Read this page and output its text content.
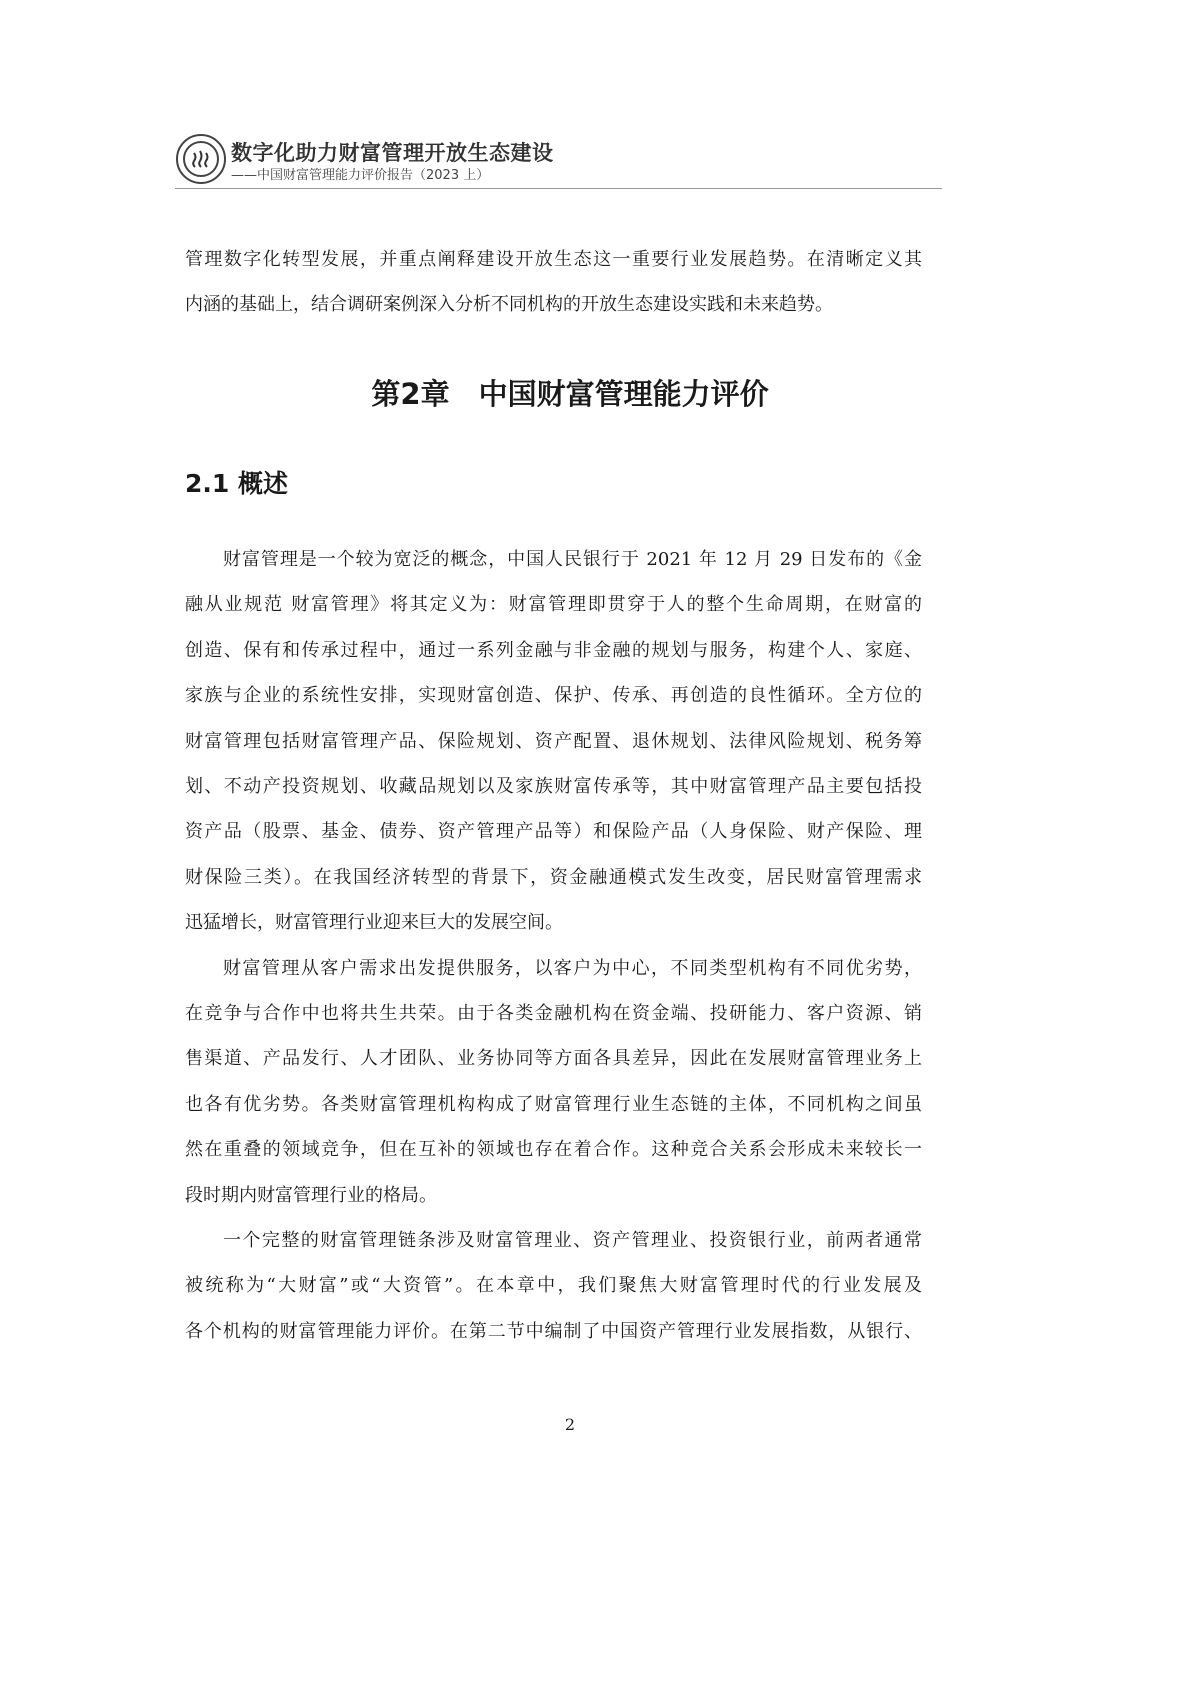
数字化助力财富管理开放生态建设
——中国财富管理能力评价报告（2023 上）
管理数字化转型发展，并重点阐释建设开放生态这一重要行业发展趋势。在清晰定义其
内涵的基础上，结合调研案例深入分析不同机构的开放生态建设实践和未来趋势。
第2章　中国财富管理能力评价
2.1 概述
财富管理是一个较为宽泛的概念，中国人民银行于 2021 年 12 月 29 日发布的《金
融从业规范 财富管理》将其定义为：财富管理即贯穿于人的整个生命周期，在财富的
创造、保有和传承过程中，通过一系列金融与非金融的规划与服务，构建个人、家庭、
家族与企业的系统性安排，实现财富创造、保护、传承、再创造的良性循环。全方位的
财富管理包括财富管理产品、保险规划、资产配置、退休规划、法律风险规划、税务筹
划、不动产投资规划、收藏品规划以及家族财富传承等，其中财富管理产品主要包括投
资产品（股票、基金、债券、资产管理产品等）和保险产品（人身保险、财产保险、理
财保险三类）。在我国经济转型的背景下，资金融通模式发生改变，居民财富管理需求
迅猛增长，财富管理行业迎来巨大的发展空间。
财富管理从客户需求出发提供服务，以客户为中心，不同类型机构有不同优劣势，
在竞争与合作中也将共生共荣。由于各类金融机构在资金端、投研能力、客户资源、销
售渠道、产品发行、人才团队、业务协同等方面各具差异，因此在发展财富管理业务上
也各有优劣势。各类财富管理机构构成了财富管理行业生态链的主体，不同机构之间虽
然在重叠的领域竞争，但在互补的领域也存在着合作。这种竞合关系会形成未来较长一
段时期内财富管理行业的格局。
一个完整的财富管理链条涉及财富管理业、资产管理业、投资银行业，前两者通常
被统称为“大财富”或“大资管”。在本章中，我们聚焦大财富管理时代的行业发展及
各个机构的财富管理能力评价。在第二节中编制了中国资产管理行业发展指数，从银行、
2
